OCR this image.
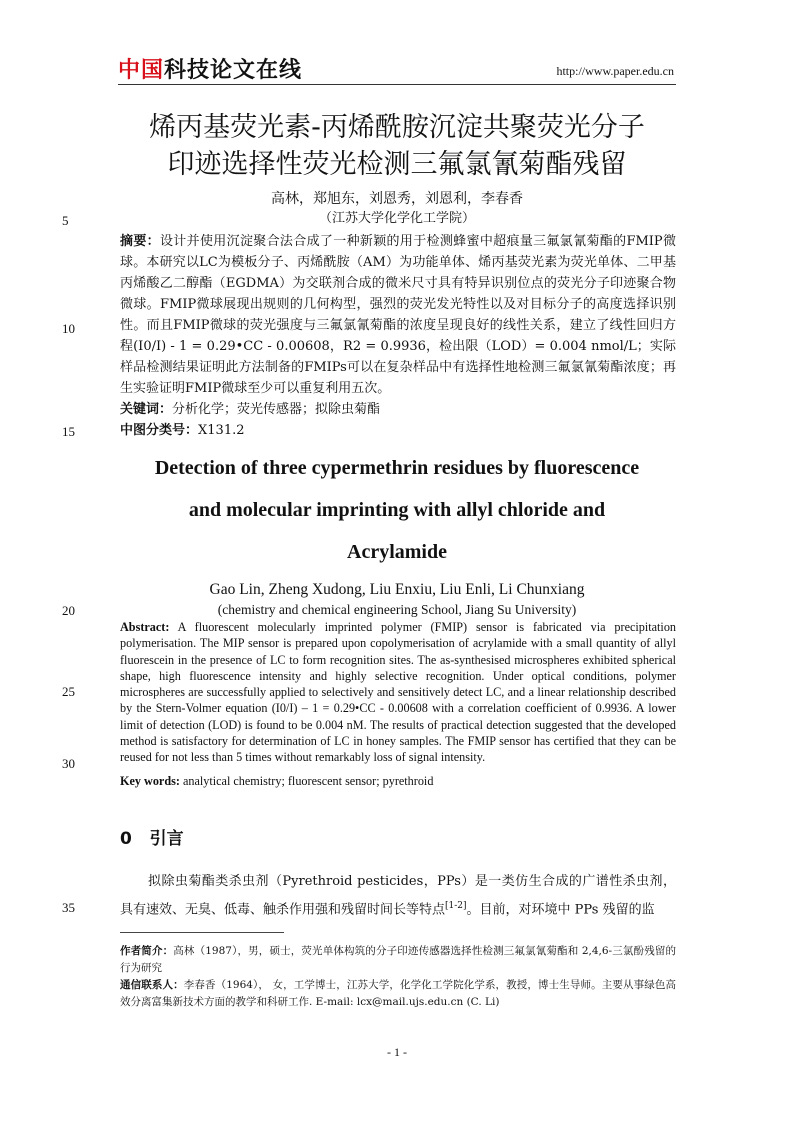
中国科技论文在线	http://www.paper.edu.cn
烯丙基荧光素-丙烯酰胺沉淀共聚荧光分子
印迹选择性荧光检测三氟氯氰菊酯残留
高林，郑旭东，刘恩秀，刘恩利，李春香
（江苏大学化学化工学院）
5
10
15
20
25
30
35
摘要：设计并使用沉淀聚合法合成了一种新颖的用于检测蜂蜜中超痕量三氟氯氰菊酯的FMIP微球。本研究以LC为模板分子、丙烯酰胺（AM）为功能单体、烯丙基荧光素为荧光单体、二甲基丙烯酸乙二醇酯（EGDMA）为交联剂合成的微米尺寸具有特异识别位点的荧光分子印迹聚合物微球。FMIP微球展现出规则的几何构型，强烈的荧光发光特性以及对目标分子的高度选择识别性。而且FMIP微球的荧光强度与三氟氯氰菊酯的浓度呈现良好的线性关系，建立了线性回归方程(I0/I) - 1 = 0.29•CC - 0.00608，R2 = 0.9936，检出限（LOD）= 0.004 nmol/L；实际样品检测结果证明此方法制备的FMIPs可以在复杂样品中有选择性地检测三氟氯氰菊酯浓度；再生实验证明FMIP微球至少可以重复利用五次。
关键词：分析化学；荧光传感器；拟除虫菊酯
中图分类号：X131.2
Detection of three cypermethrin residues by fluorescence
and molecular imprinting with allyl chloride and
Acrylamide
Gao Lin, Zheng Xudong, Liu Enxiu, Liu Enli, Li Chunxiang
(chemistry and chemical engineering School, Jiang Su University)
Abstract: A fluorescent molecularly imprinted polymer (FMIP) sensor is fabricated via precipitation polymerisation. The MIP sensor is prepared upon copolymerisation of acrylamide with a small quantity of allyl fluorescein in the presence of LC to form recognition sites. The as-synthesised microspheres exhibited spherical shape, high fluorescence intensity and highly selective recognition. Under optical conditions, polymer microspheres are successfully applied to selectively and sensitively detect LC, and a linear relationship described by the Stern-Volmer equation (I0/I) – 1 = 0.29•CC - 0.00608 with a correlation coefficient of 0.9936. A lower limit of detection (LOD) is found to be 0.004 nM. The results of practical detection suggested that the developed method is satisfactory for determination of LC in honey samples. The FMIP sensor has certified that they can be reused for not less than 5 times without remarkably loss of signal intensity.
Key words: analytical chemistry; fluorescent sensor; pyrethroid
0 引言
拟除虫菊酯类杀虫剂（Pyrethroid pesticides，PPs）是一类仿生合成的广谱性杀虫剂，具有速效、无臭、低毒、触杀作用强和残留时间长等特点[1-2]。目前，对环境中 PPs 残留的监
作者简介：高林（1987），男，硕士，荧光单体构筑的分子印迹传感器选择性检测三氟氯氰菊酯和 2,4,6-三氯酚残留的行为研究
通信联系人：李春香（1964）， 女，工学博士，江苏大学，化学化工学院化学系，教授，博士生导师。主要从事绿色高效分离富集新技术方面的教学和科研工作. E-mail: lcx@mail.ujs.edu.cn (C. Li)
- 1 -
